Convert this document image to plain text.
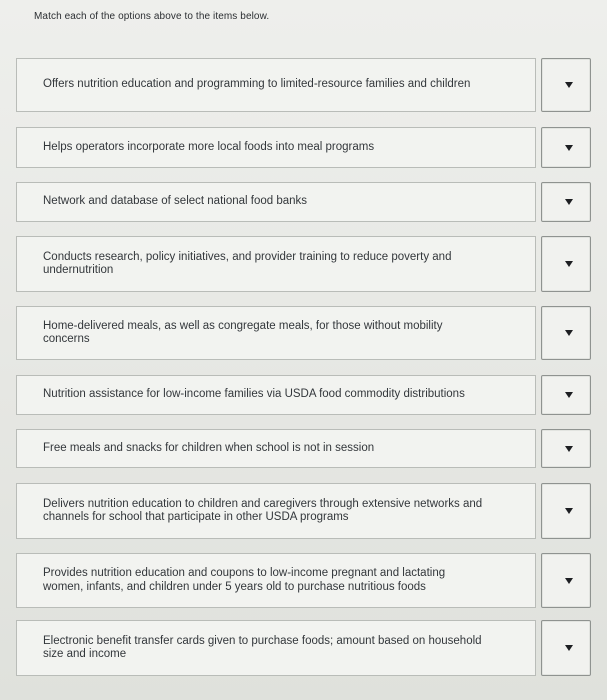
Match each of the options above to the items below.
Offers nutrition education and programming to limited-resource families and children
Helps operators incorporate more local foods into meal programs
Network and database of select national food banks
Conducts research, policy initiatives, and provider training to reduce poverty and undernutrition
Home-delivered meals, as well as congregate meals, for those without mobility concerns
Nutrition assistance for low-income families via USDA food commodity distributions
Free meals and snacks for children when school is not in session
Delivers nutrition education to children and caregivers through extensive networks and channels for school that participate in other USDA programs
Provides nutrition education and coupons to low-income pregnant and lactating women, infants, and children under 5 years old to purchase nutritious foods
Electronic benefit transfer cards given to purchase foods; amount based on household size and income
